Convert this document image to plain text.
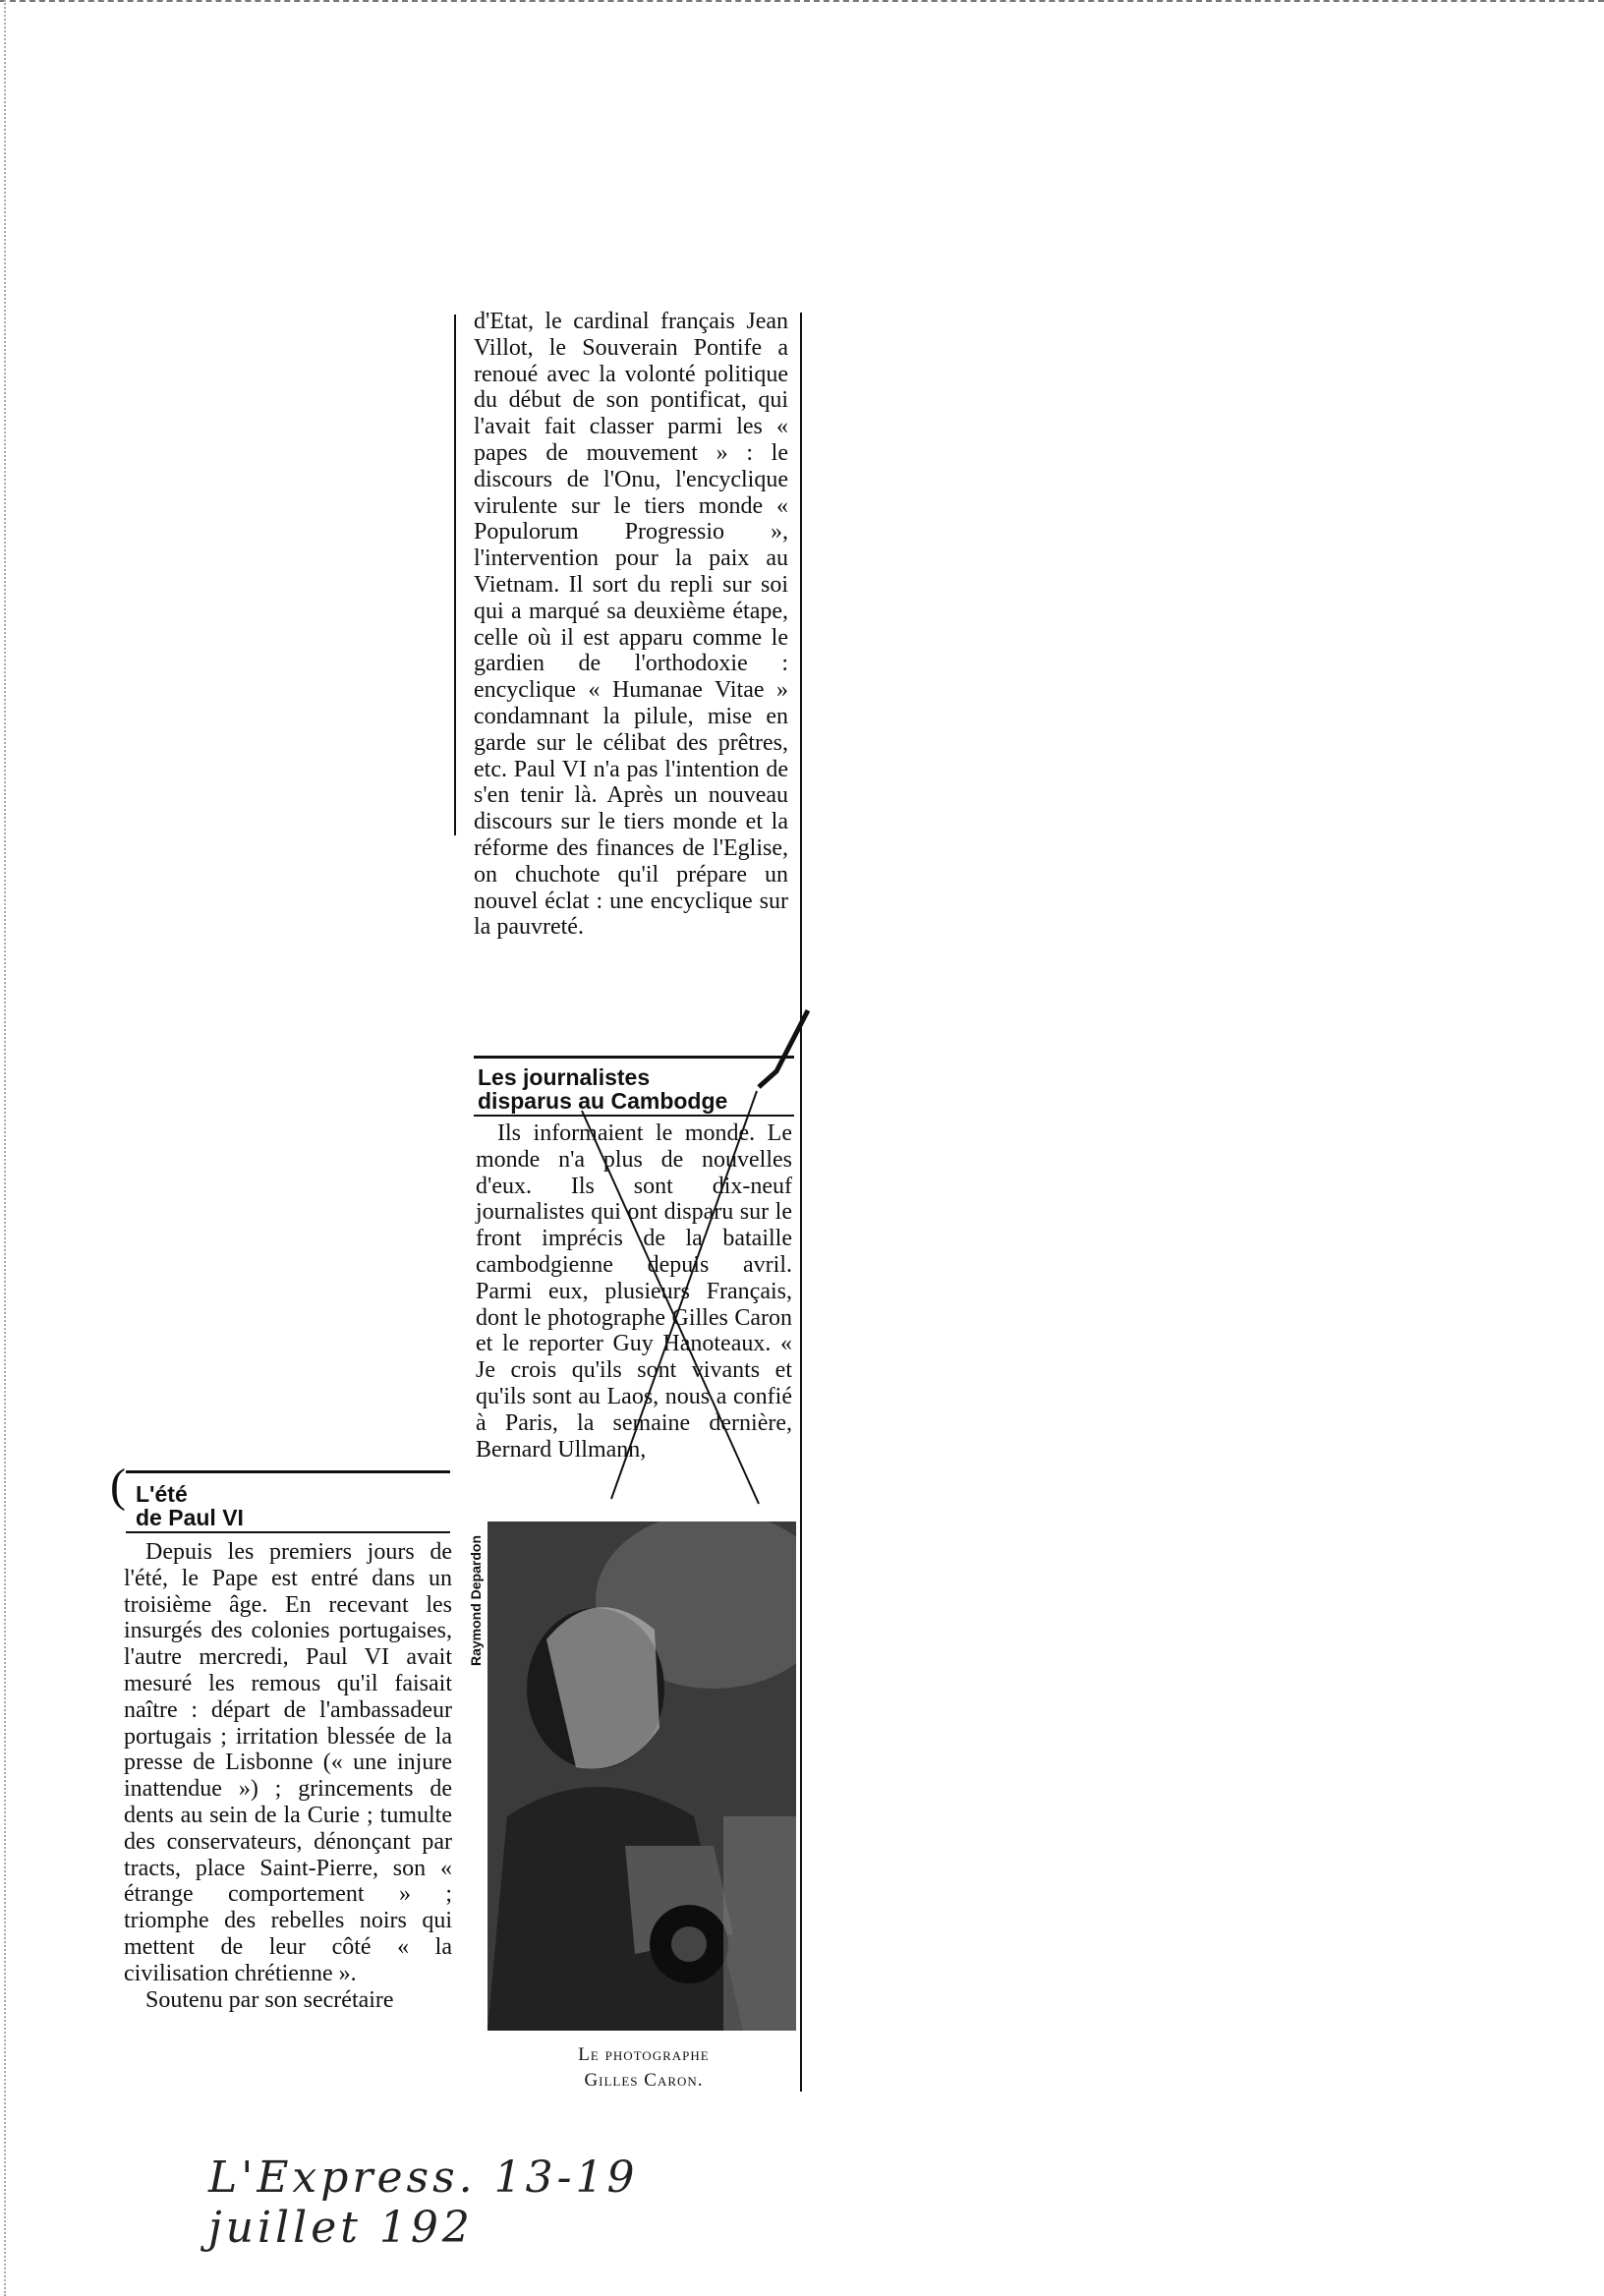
d'Etat, le cardinal français Jean Villot, le Souverain Pontife a renoué avec la volonté politique du début de son pontificat, qui l'avait fait classer parmi les « papes de mouvement » : le discours de l'Onu, l'encyclique virulente sur le tiers monde « Populorum Progressio », l'intervention pour la paix au Vietnam. Il sort du repli sur soi qui a marqué sa deuxième étape, celle où il est apparu comme le gardien de l'orthodoxie : encyclique « Humanae Vitae » condamnant la pilule, mise en garde sur le célibat des prêtres, etc. Paul VI n'a pas l'intention de s'en tenir là. Après un nouveau discours sur le tiers monde et la réforme des finances de l'Eglise, on chuchote qu'il prépare un nouvel éclat : une encyclique sur la pauvreté.

Les journalistes
disparus au Cambodge

Ils informaient le monde. Le monde n'a plus de nouvelles d'eux. Ils sont dix-neuf journalistes qui ont disparu sur le front imprécis de la bataille cambodgienne depuis avril. Parmi eux, plusieurs Français, dont le photographe Gilles Caron et le reporter Guy Hanoteaux. « Je crois qu'ils sont vivants et qu'ils sont au Laos, nous a confié à Paris, la semaine dernière, Bernard Ullmann,

( L'été
de Paul VI

Depuis les premiers jours de l'été, le Pape est entré dans un troisième âge. En recevant les insurgés des colonies portugaises, l'autre mercredi, Paul VI avait mesuré les remous qu'il faisait naître : départ de l'ambassadeur portugais ; irritation blessée de la presse de Lisbonne (« une injure inattendue ») ; grincements de dents au sein de la Curie ; tumulte des conservateurs, dénonçant par tracts, place Saint-Pierre, son « étrange comportement » ; triomphe des rebelles noirs qui mettent de leur côté « la civilisation chrétienne ».

Soutenu par son secrétaire

Raymond Depardon
Le photographe
Gilles Caron.
L'Express. 13-19 juillet 192
